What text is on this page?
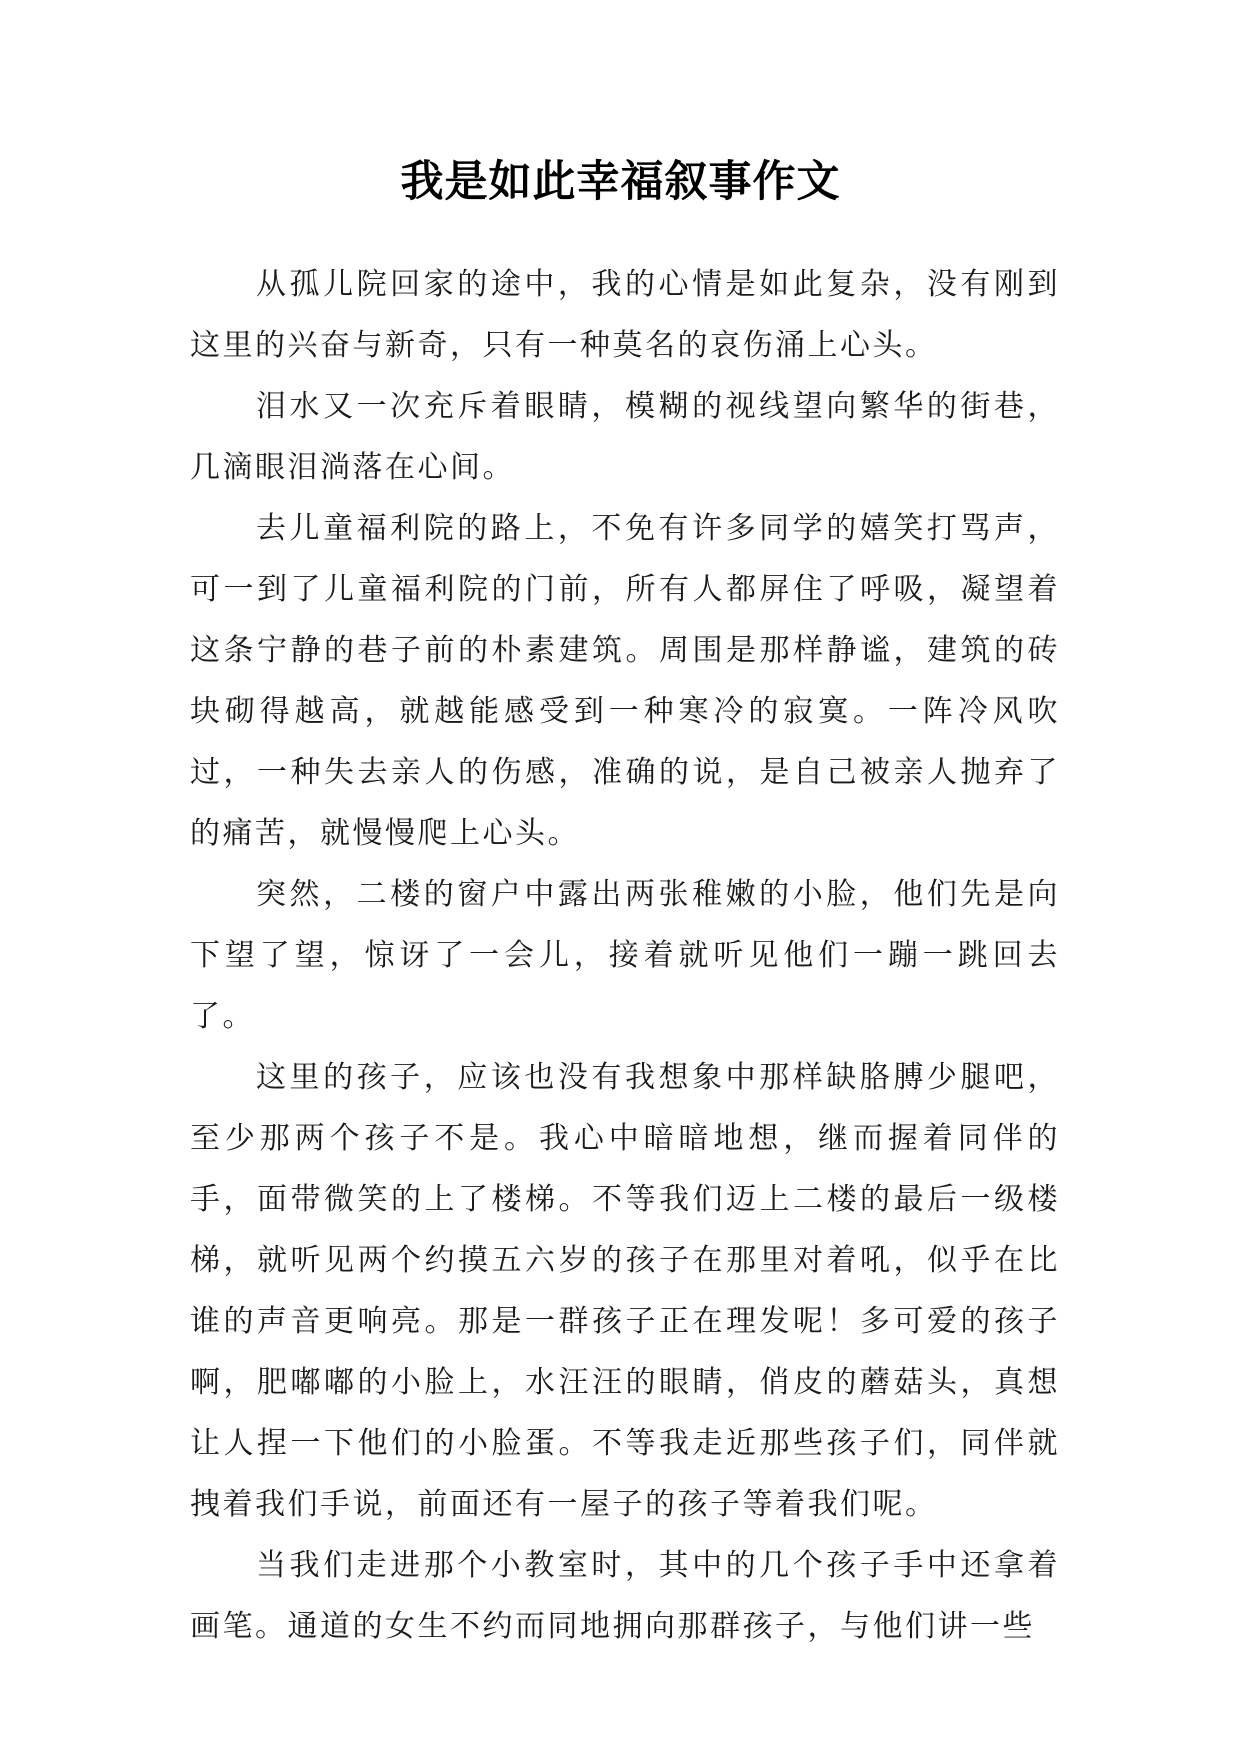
我是如此幸福叙事作文

从孤儿院回家的途中，我的心情是如此复杂，没有刚到这里的兴奋与新奇，只有一种莫名的哀伤涌上心头。

泪水又一次充斥着眼睛，模糊的视线望向繁华的街巷，几滴眼泪淌落在心间。

去儿童福利院的路上，不免有许多同学的嬉笑打骂声，可一到了儿童福利院的门前，所有人都屏住了呼吸，凝望着这条宁静的巷子前的朴素建筑。周围是那样静谧，建筑的砖块砌得越高，就越能感受到一种寒冷的寂寞。一阵冷风吹过，一种失去亲人的伤感，准确的说，是自己被亲人抛弃了的痛苦，就慢慢爬上心头。

突然，二楼的窗户中露出两张稚嫩的小脸，他们先是向下望了望，惊讶了一会儿，接着就听见他们一蹦一跳回去了。

这里的孩子，应该也没有我想象中那样缺胳膊少腿吧，至少那两个孩子不是。我心中暗暗地想，继而握着同伴的手，面带微笑的上了楼梯。不等我们迈上二楼的最后一级楼梯，就听见两个约摸五六岁的孩子在那里对着吼，似乎在比谁的声音更响亮。那是一群孩子正在理发呢！多可爱的孩子啊，肥嘟嘟的小脸上，水汪汪的眼睛，俏皮的蘑菇头，真想让人捏一下他们的小脸蛋。不等我走近那些孩子们，同伴就拽着我们手说，前面还有一屋子的孩子等着我们呢。

当我们走进那个小教室时，其中的几个孩子手中还拿着画笔。通道的女生不约而同地拥向那群孩子，与他们讲一些
